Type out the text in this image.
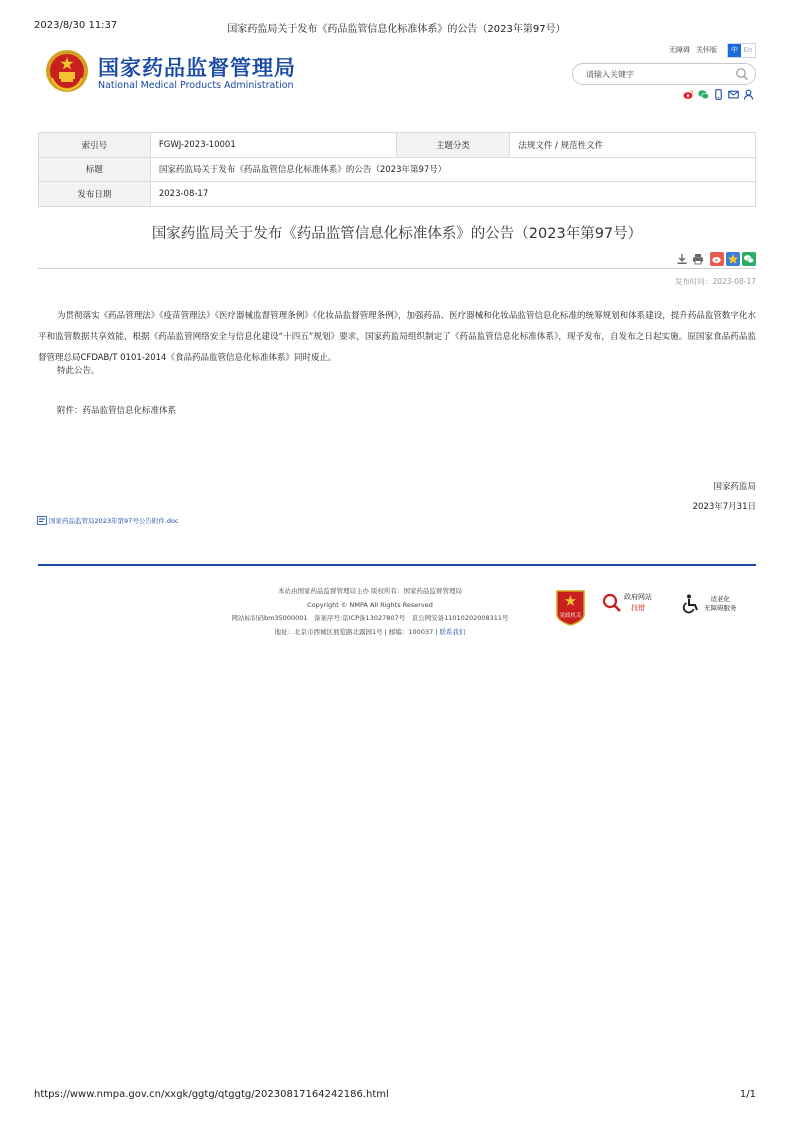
2023/8/30 11:37	国家药监局关于发布《药品监管信息化标准体系》的公告（2023年第97号）
国家药品监督管理局
National Medical Products Administration
无障碍 关怀版	中 En
请输入关键字
索引号	FGWJ-2023-10001	主题分类	法规文件 / 规范性文件
标题	国家药监局关于发布《药品监管信息化标准体系》的公告（2023年第97号）		
发布日期	2023-08-17		
国家药监局关于发布《药品监管信息化标准体系》的公告（2023年第97号）
发布时间：2023-08-17
为贯彻落实《药品管理法》《疫苗管理法》《医疗器械监督管理条例》《化妆品监督管理条例》，加强药品、医疗器械和化妆品监管信息化标准的统筹规划和体系建设，提升药品监管数字化水平和监管数据共享效能，根据《药品监管网络安全与信息化建设“十四五”规划》要求，国家药监局组织制定了《药品监管信息化标准体系》，现予发布，自发布之日起实施。原国家食品药品监督管理总局CFDAB/T 0101-2014《食品药品监管信息化标准体系》同时废止。
特此公告。
附件：药品监管信息化标准体系
国家药监局
2023年7月31日
国家药品监管局2023年第97号公告附件.doc
本站由国家药品监督管理局主办 版权所有：国家药品监督管理局
Copyright © NMPA All Rights Reserved
网站标识码bm35000001　备案序号:京ICP备13027807号　京公网安备11010202008311号
地址：北京市西城区展览路北露园1号 | 邮编：100037 | 联系我们
党政机关
政府网站
找错
适老化
无障碍服务
https://www.nmpa.gov.cn/xxgk/ggtg/qtggtg/20230817164242186.html	1/1
